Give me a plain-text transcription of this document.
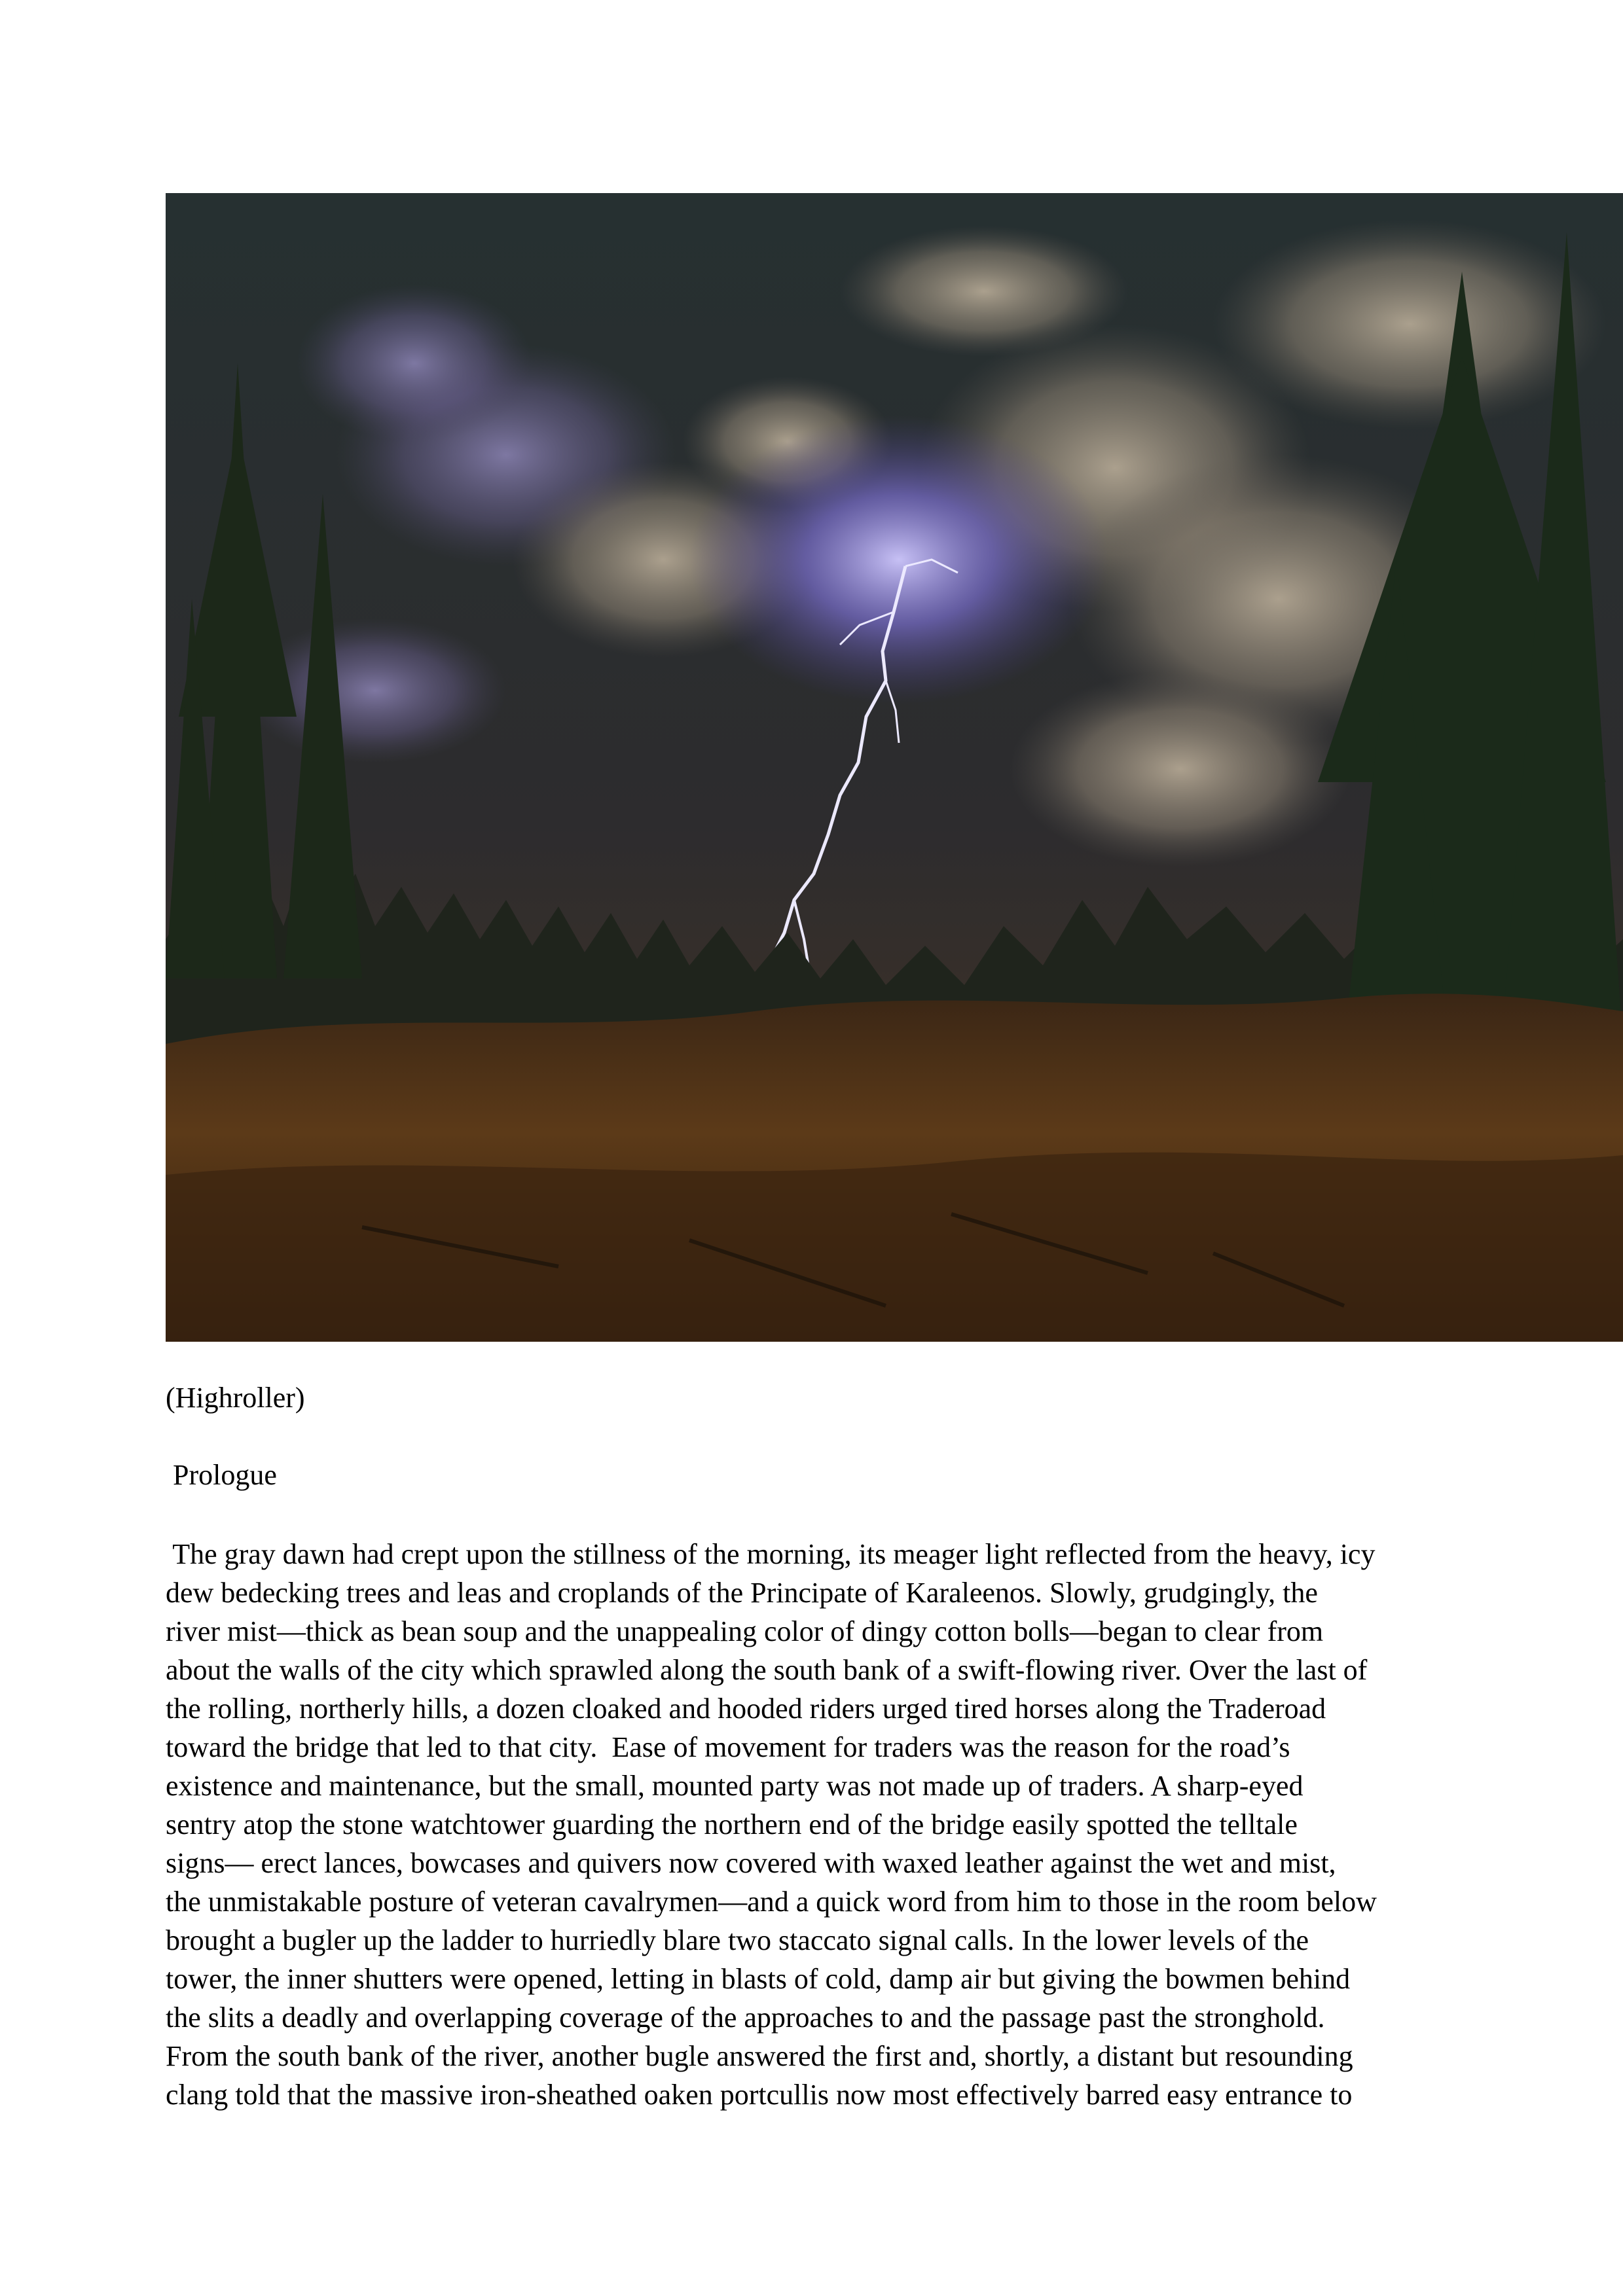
(Highroller)
Prologue
The gray dawn had crept upon the stillness of the morning, its meager light reflected from the heavy, icy
dew bedecking trees and leas and croplands of the Principate of Karaleenos. Slowly, grudgingly, the
river mist—thick as bean soup and the unappealing color of dingy cotton bolls—began to clear from
about the walls of the city which sprawled along the south bank of a swift-flowing river. Over the last of
the rolling, northerly hills, a dozen cloaked and hooded riders urged tired horses along the Traderoad
toward the bridge that led to that city.  Ease of movement for traders was the reason for the road’s
existence and maintenance, but the small, mounted party was not made up of traders. A sharp-eyed
sentry atop the stone watchtower guarding the northern end of the bridge easily spotted the telltale
signs— erect lances, bowcases and quivers now covered with waxed leather against the wet and mist,
the unmistakable posture of veteran cavalrymen—and a quick word from him to those in the room below
brought a bugler up the ladder to hurriedly blare two staccato signal calls. In the lower levels of the
tower, the inner shutters were opened, letting in blasts of cold, damp air but giving the bowmen behind
the slits a deadly and overlapping coverage of the approaches to and the passage past the stronghold.
From the south bank of the river, another bugle answered the first and, shortly, a distant but resounding
clang told that the massive iron-sheathed oaken portcullis now most effectively barred easy entrance to
